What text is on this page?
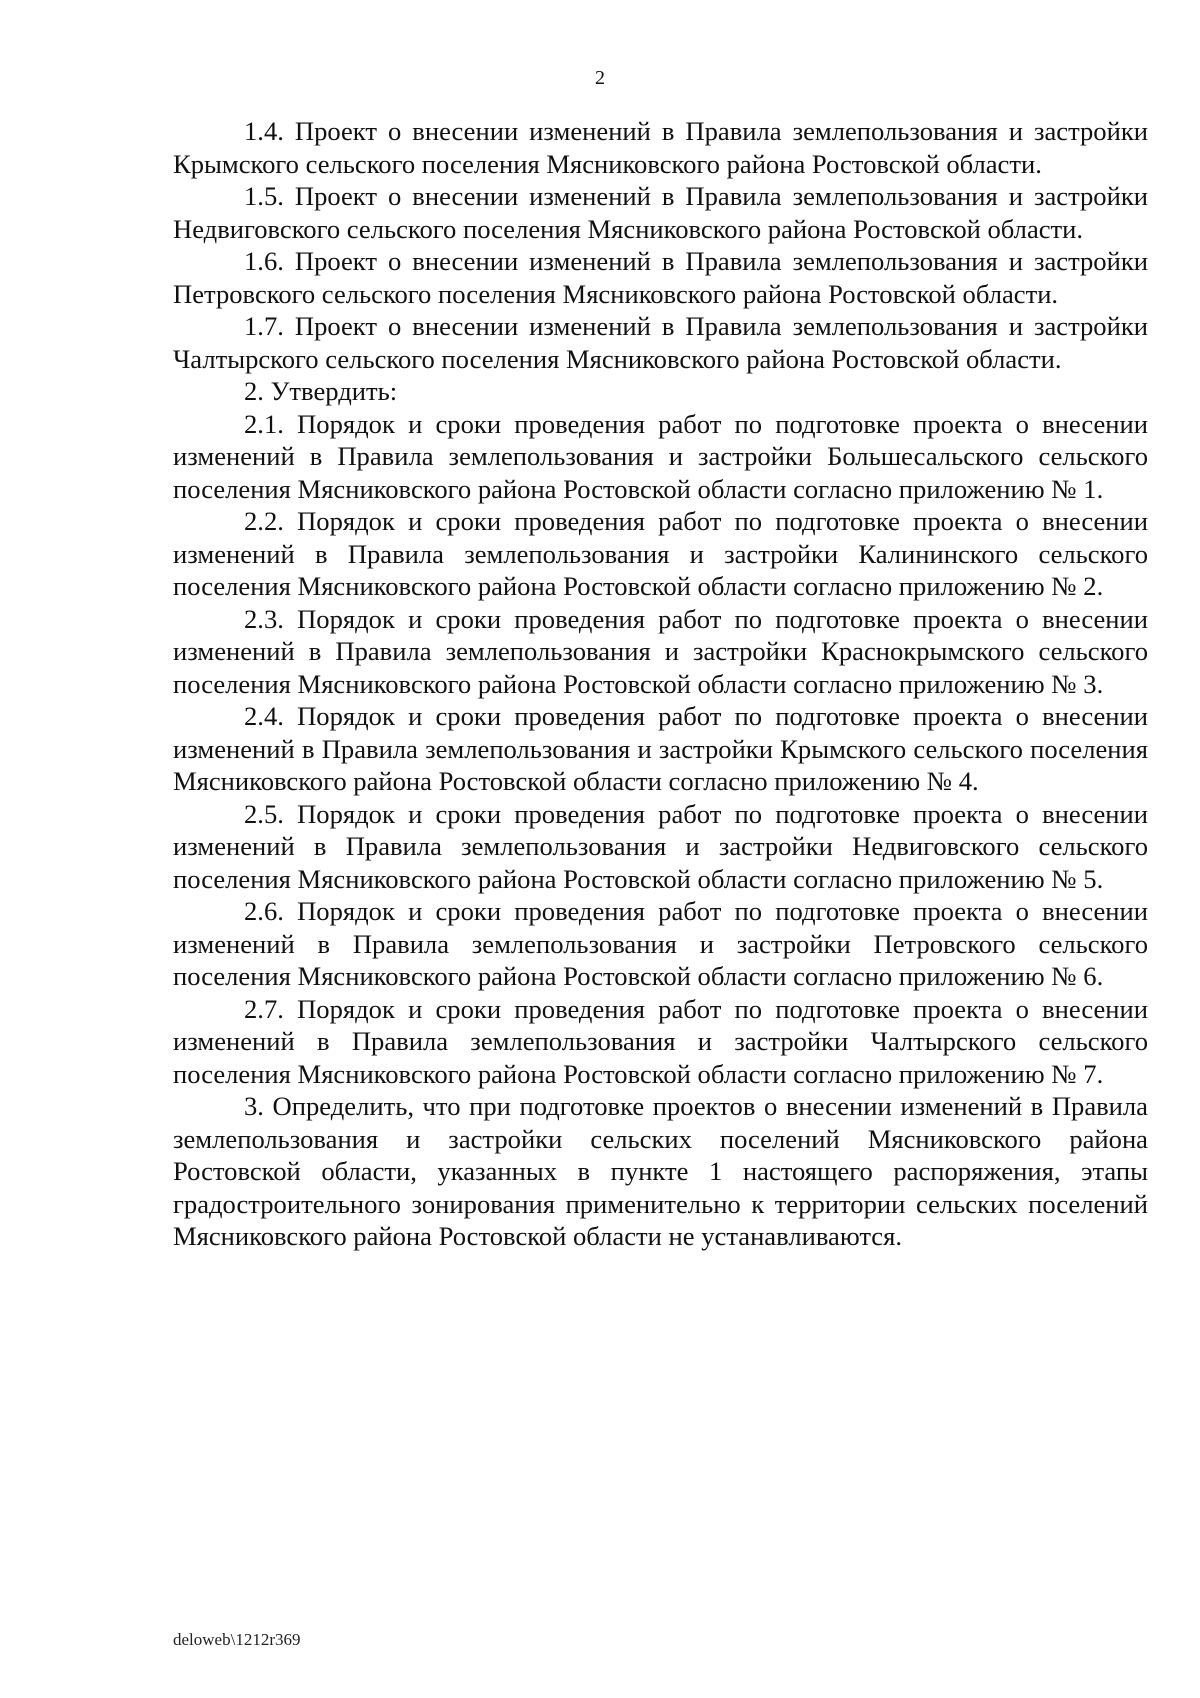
2

1.4. Проект о внесении изменений в Правила землепользования и застройки Крымского сельского поселения Мясниковского района Ростовской области.

1.5. Проект о внесении изменений в Правила землепользования и застройки Недвиговского сельского поселения Мясниковского района Ростовской области.

1.6. Проект о внесении изменений в Правила землепользования и застройки Петровского сельского поселения Мясниковского района Ростовской области.

1.7. Проект о внесении изменений в Правила землепользования и застройки Чалтырского сельского поселения Мясниковского района Ростовской области.

2. Утвердить:

2.1. Порядок и сроки проведения работ по подготовке проекта о внесении изменений в Правила землепользования и застройки Большесальского сельского поселения Мясниковского района Ростовской области согласно приложению № 1.

2.2. Порядок и сроки проведения работ по подготовке проекта о внесении изменений в Правила землепользования и застройки Калининского сельского поселения Мясниковского района Ростовской области согласно приложению № 2.

2.3. Порядок и сроки проведения работ по подготовке проекта о внесении изменений в Правила землепользования и застройки Краснокрымского сельского поселения Мясниковского района Ростовской области согласно приложению № 3.

2.4. Порядок и сроки проведения работ по подготовке проекта о внесении изменений в Правила землепользования и застройки Крымского сельского поселения Мясниковского района Ростовской области согласно приложению № 4.

2.5. Порядок и сроки проведения работ по подготовке проекта о внесении изменений в Правила землепользования и застройки Недвиговского сельского поселения Мясниковского района Ростовской области согласно приложению № 5.

2.6. Порядок и сроки проведения работ по подготовке проекта о внесении изменений в Правила землепользования и застройки Петровского сельского поселения Мясниковского района Ростовской области согласно приложению № 6.

2.7. Порядок и сроки проведения работ по подготовке проекта о внесении изменений в Правила землепользования и застройки Чалтырского сельского поселения Мясниковского района Ростовской области согласно приложению № 7.

3. Определить, что при подготовке проектов о внесении изменений в Правила землепользования и застройки сельских поселений Мясниковского района Ростовской области, указанных в пункте 1 настоящего распоряжения, этапы градостроительного зонирования применительно к территории сельских поселений Мясниковского района Ростовской области не устанавливаются.

deloweb\1212r369
